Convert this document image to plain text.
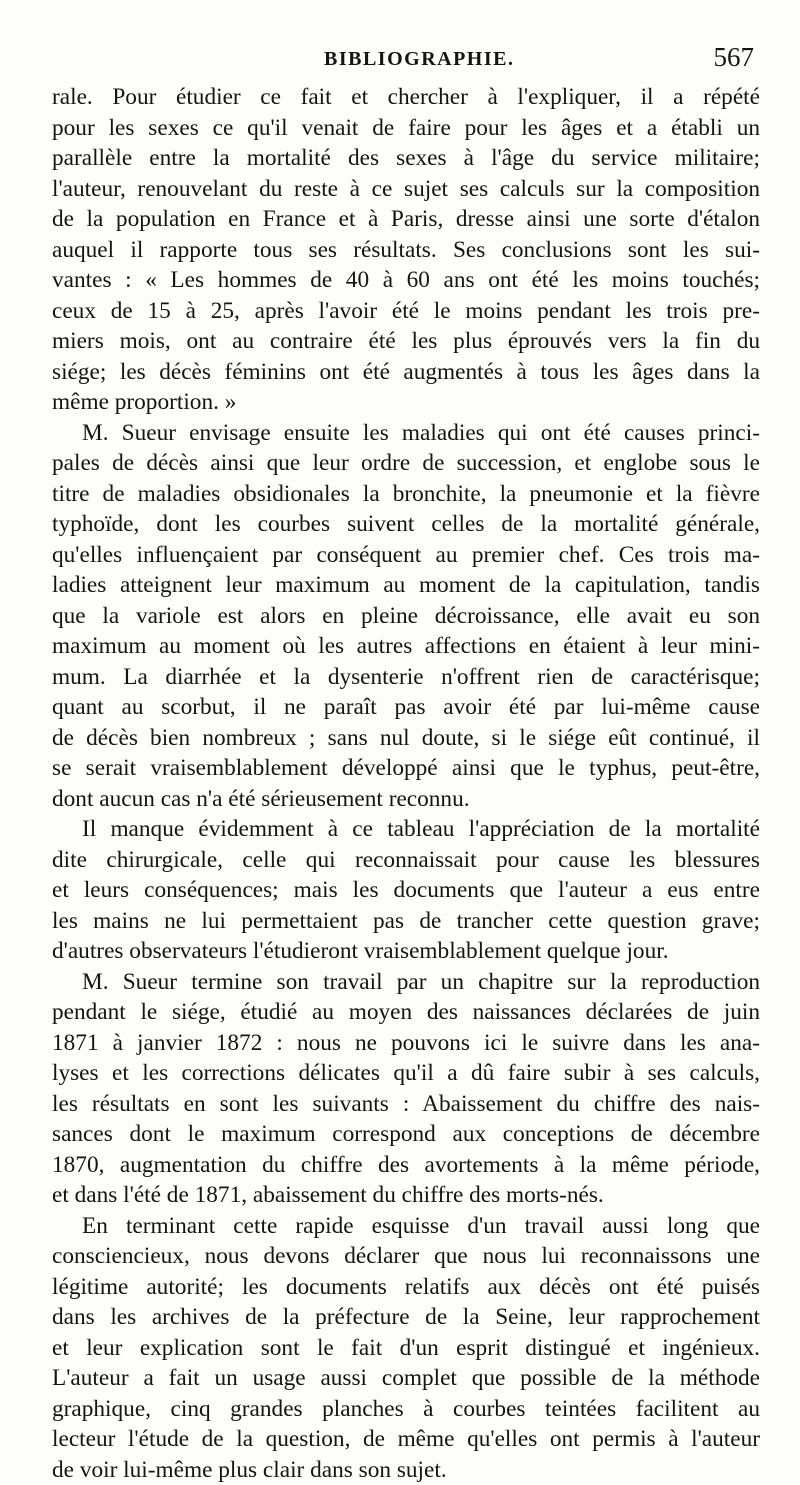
BIBLIOGRAPHIE.	567
rale. Pour étudier ce fait et chercher à l'expliquer, il a répété
pour les sexes ce qu'il venait de faire pour les âges et a établi un
parallèle entre la mortalité des sexes à l'âge du service militaire;
l'auteur, renouvelant du reste à ce sujet ses calculs sur la composition
de la population en France et à Paris, dresse ainsi une sorte d'étalon
auquel il rapporte tous ses résultats. Ses conclusions sont les sui-
vantes : « Les hommes de 40 à 60 ans ont été les moins touchés;
ceux de 15 à 25, après l'avoir été le moins pendant les trois pre-
miers mois, ont au contraire été les plus éprouvés vers la fin du
siége; les décès féminins ont été augmentés à tous les âges dans la
même proportion. »
M. Sueur envisage ensuite les maladies qui ont été causes princi-
pales de décès ainsi que leur ordre de succession, et englobe sous le
titre de maladies obsidionales la bronchite, la pneumonie et la fièvre
typhoïde, dont les courbes suivent celles de la mortalité générale,
qu'elles influençaient par conséquent au premier chef. Ces trois ma-
ladies atteignent leur maximum au moment de la capitulation, tandis
que la variole est alors en pleine décroissance, elle avait eu son
maximum au moment où les autres affections en étaient à leur mini-
mum. La diarrhée et la dysenterie n'offrent rien de caractérisque;
quant au scorbut, il ne paraît pas avoir été par lui-même cause
de décès bien nombreux ; sans nul doute, si le siége eût continué, il
se serait vraisemblablement développé ainsi que le typhus, peut-être,
dont aucun cas n'a été sérieusement reconnu.
Il manque évidemment à ce tableau l'appréciation de la mortalité
dite chirurgicale, celle qui reconnaissait pour cause les blessures
et leurs conséquences; mais les documents que l'auteur a eus entre
les mains ne lui permettaient pas de trancher cette question grave;
d'autres observateurs l'étudieront vraisemblablement quelque jour.
M. Sueur termine son travail par un chapitre sur la reproduction
pendant le siége, étudié au moyen des naissances déclarées de juin
1871 à janvier 1872 : nous ne pouvons ici le suivre dans les ana-
lyses et les corrections délicates qu'il a dû faire subir à ses calculs,
les résultats en sont les suivants : Abaissement du chiffre des nais-
sances dont le maximum correspond aux conceptions de décembre
1870, augmentation du chiffre des avortements à la même période,
et dans l'été de 1871, abaissement du chiffre des morts-nés.
En terminant cette rapide esquisse d'un travail aussi long que
consciencieux, nous devons déclarer que nous lui reconnaissons une
légitime autorité; les documents relatifs aux décès ont été puisés
dans les archives de la préfecture de la Seine, leur rapprochement
et leur explication sont le fait d'un esprit distingué et ingénieux.
L'auteur a fait un usage aussi complet que possible de la méthode
graphique, cinq grandes planches à courbes teintées facilitent au
lecteur l'étude de la question, de même qu'elles ont permis à l'auteur
de voir lui-même plus clair dans son sujet.
